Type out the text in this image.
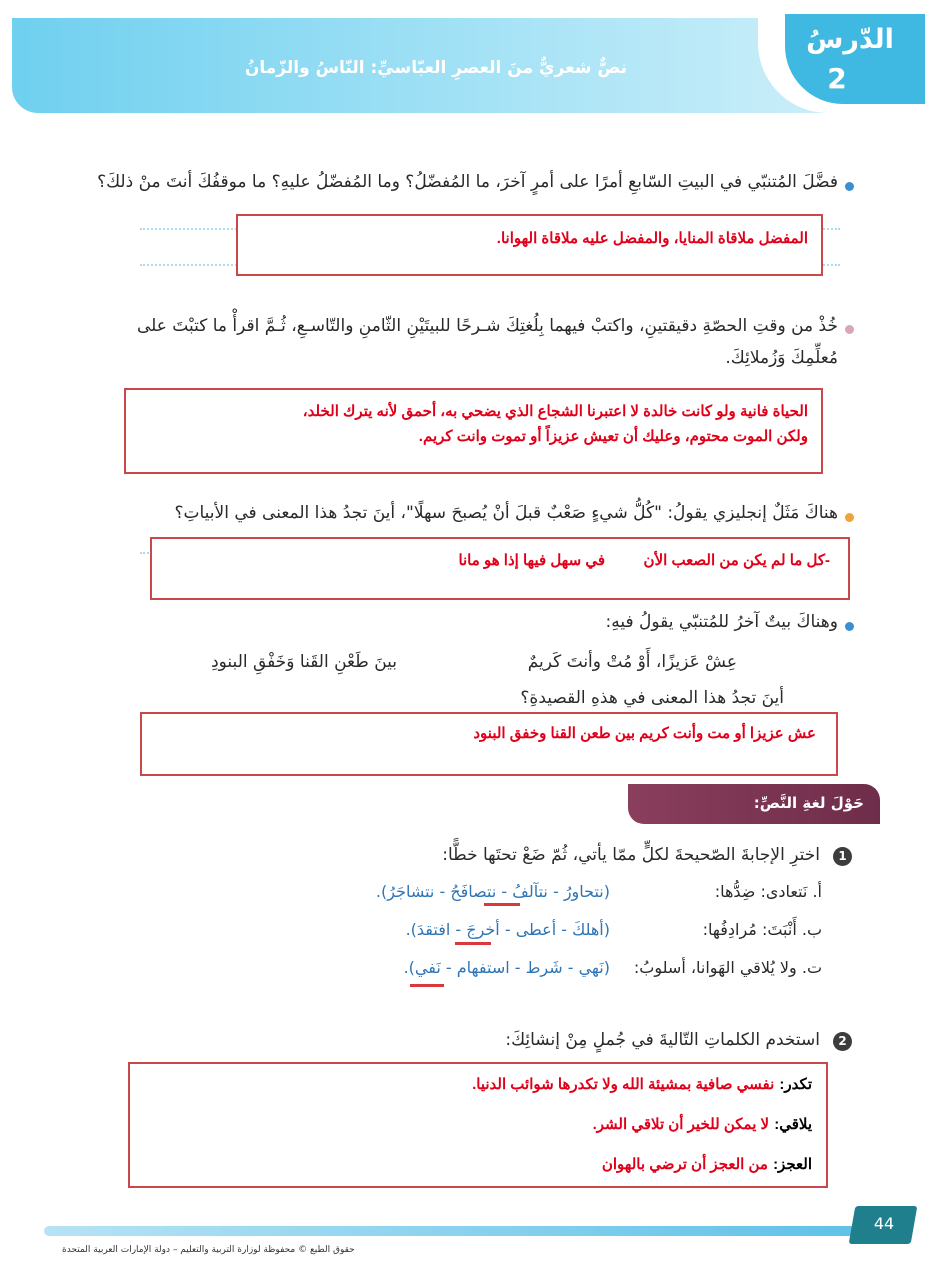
نصٌّ شعريٌّ منَ العصرِ العبّاسيِّ: النّاسُ والزّمانُ
الدّرسُ
2
فضَّلَ المُتنبّي في البيتِ السّابعِ أمرًا على أمرٍ آخرَ، ما المُفضّلُ؟ وما المُفضّلُ عليهِ؟ ما موقفُكَ أنتَ منْ ذلكَ؟
المفضل ملاقاة المنايا، والمفضل عليه ملاقاة الهوانا.
خُذْ من وقتِ الحصّةِ دقيقتينِ، واكتبْ فيهما بِلُغتِكَ شـرحًا للبيتَيْنِ الثّامنِ والتّاسـعِ، ثُـمَّ اقرأْ ما كتبْتَ على
مُعلِّمِكَ وَزُملائِكَ.
الحياة فانية ولو كانت خالدة لا اعتبرنا الشجاع الذي يضحي به، أحمق لأنه يترك الخلد،
ولكن الموت محتوم، وعليك أن تعيش عزيزاً أو تموت وانت كريم.
هناكَ مَثَلٌ إنجليزي يقولُ: "كُلُّ شيءٍ صَعْبٌ قبلَ أنْ يُصبحَ سهلًا"، أينَ تجدُ هذا المعنى في الأبياتِ؟
-كل ما لم يكن من الصعب الأن
في سهل فيها إذا هو مانا
وهناكَ بيتٌ آخرُ للمُتنبّي يقولُ فيهِ:
عِشْ عَزيزًا، أَوْ مُتْ وأنتَ كَريمٌ
بينَ طَعْنِ القَنا وَخَفْقِ البنودِ
أينَ تجدُ هذا المعنى في هذهِ القصيدةِ؟
عش عزيزا أو مت وأنت كريم بين طعن القنا وخفق البنود
حَوْلَ لغةِ النَّصِّ:
1
اخترِ الإجابةَ الصّحيحةَ لكلٍّ ممّا يأتي، ثُمّ ضَعْ تحتَها خطًّا:
أ. نَتعادى: ضِدُّها:
(نتحاورُ - نتآلفُ - نتصافَحُ - نتشاجَرُ).
ب. أَنْبَتَ: مُرادِفُها:
(أهلكَ - أعطى - أخرجَ - افتقدَ).
ت. ولا يُلاقي الهَوانا، أسلوبُ:
(نَهي - شَرط - استفهام - نَفي).
2
استخدم الكلماتِ التّاليةَ في جُملٍ مِنْ إنشائِكَ:
تكدر: نفسي صافية بمشيئة الله ولا تكدرها شوائب الدنيا.
يلاقي: لا يمكن للخير أن تلاقي الشر.
العجز: من العجز أن ترضي بالهوان
44
حقوق الطبع © محفوظة لوزارة التربية والتعليم – دولة الإمارات العربية المتحدة
